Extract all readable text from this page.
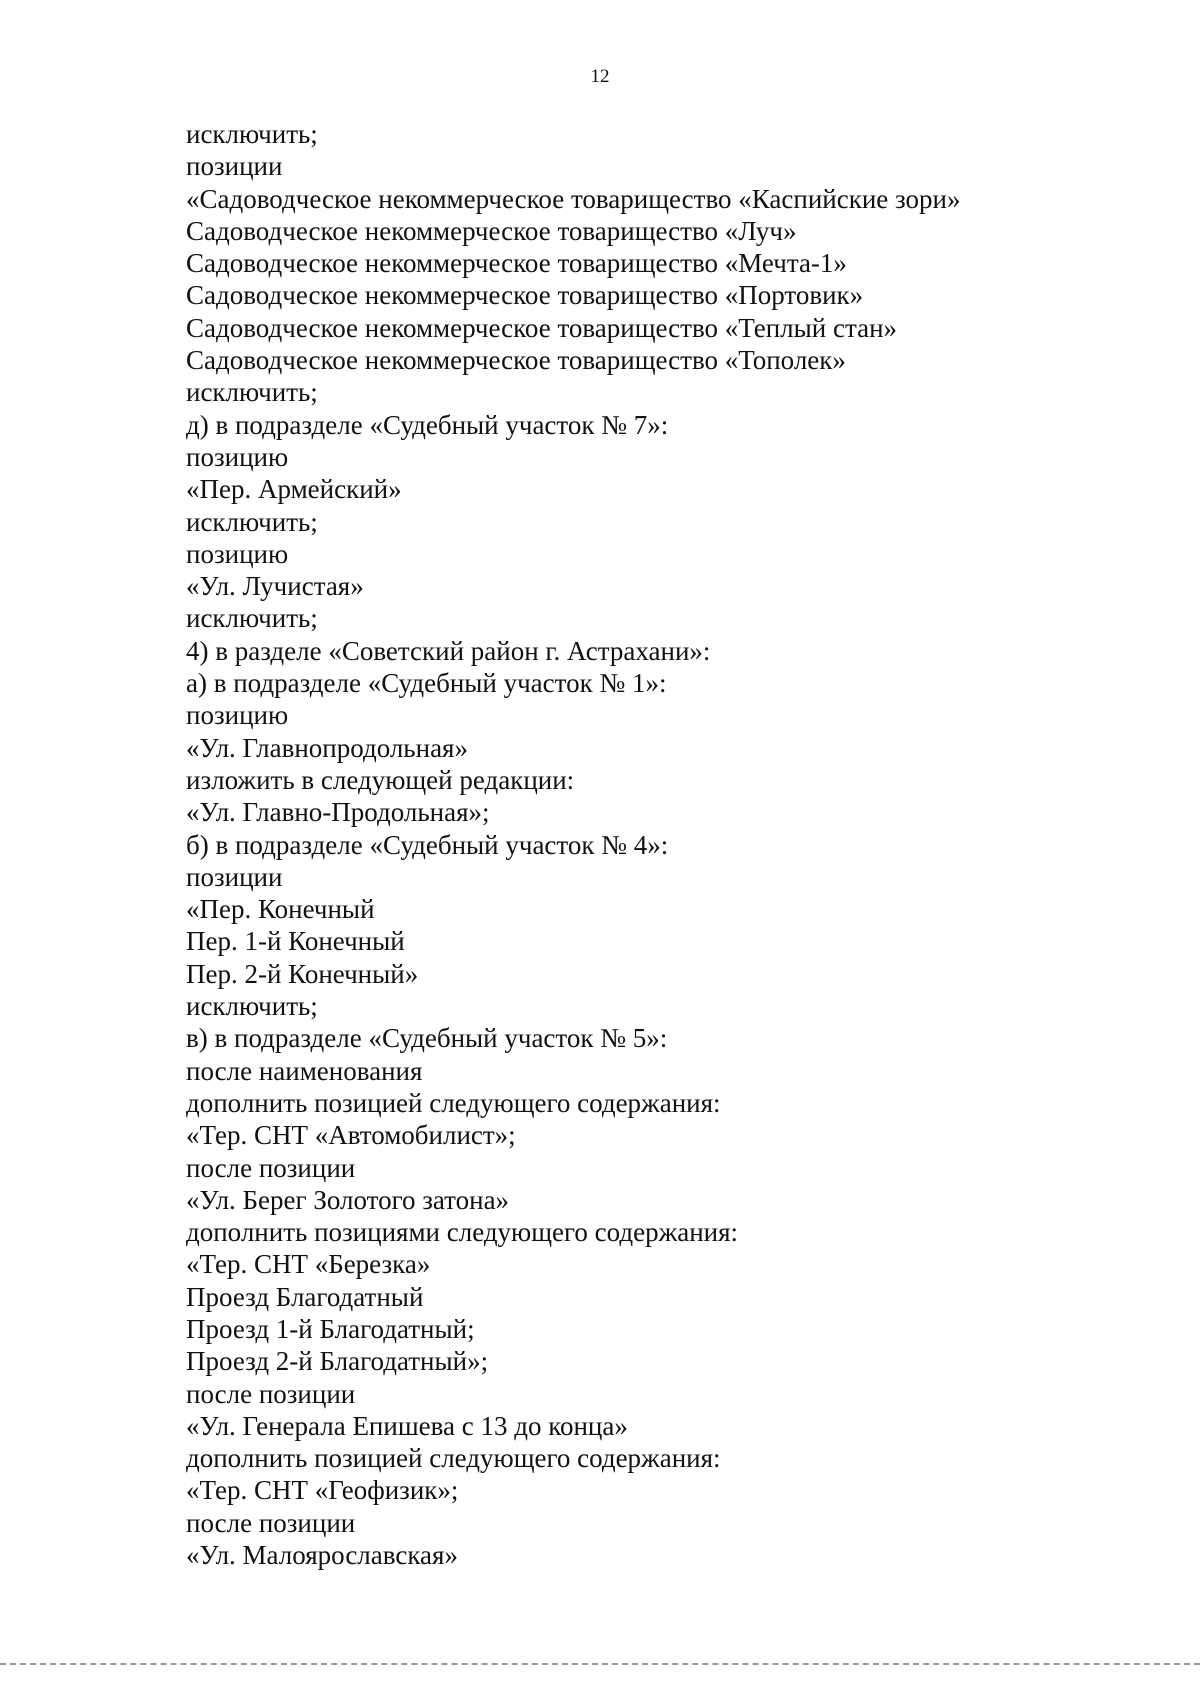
12
исключить;
позиции
«Садоводческое некоммерческое товарищество «Каспийские зори»
Садоводческое некоммерческое товарищество «Луч»
Садоводческое некоммерческое товарищество «Мечта-1»
Садоводческое некоммерческое товарищество «Портовик»
Садоводческое некоммерческое товарищество «Теплый стан»
Садоводческое некоммерческое товарищество «Тополек»
исключить;
д) в подразделе «Судебный участок № 7»:
позицию
«Пер. Армейский»
исключить;
позицию
«Ул. Лучистая»
исключить;
4) в разделе «Советский район г. Астрахани»:
а) в подразделе «Судебный участок № 1»:
позицию
«Ул. Главнопродольная»
изложить в следующей редакции:
«Ул. Главно-Продольная»;
б) в подразделе «Судебный участок № 4»:
позиции
«Пер. Конечный
Пер. 1-й Конечный
Пер. 2-й Конечный»
исключить;
в) в подразделе «Судебный участок № 5»:
после наименования
дополнить позицией следующего содержания:
«Тер. СНТ «Автомобилист»;
после позиции
«Ул. Берег Золотого затона»
дополнить позициями следующего содержания:
«Тер. СНТ «Березка»
Проезд Благодатный
Проезд 1-й Благодатный;
Проезд 2-й Благодатный»;
после позиции
«Ул. Генерала Епишева с 13 до конца»
дополнить позицией следующего содержания:
«Тер. СНТ «Геофизик»;
после позиции
«Ул. Малоярославская»
